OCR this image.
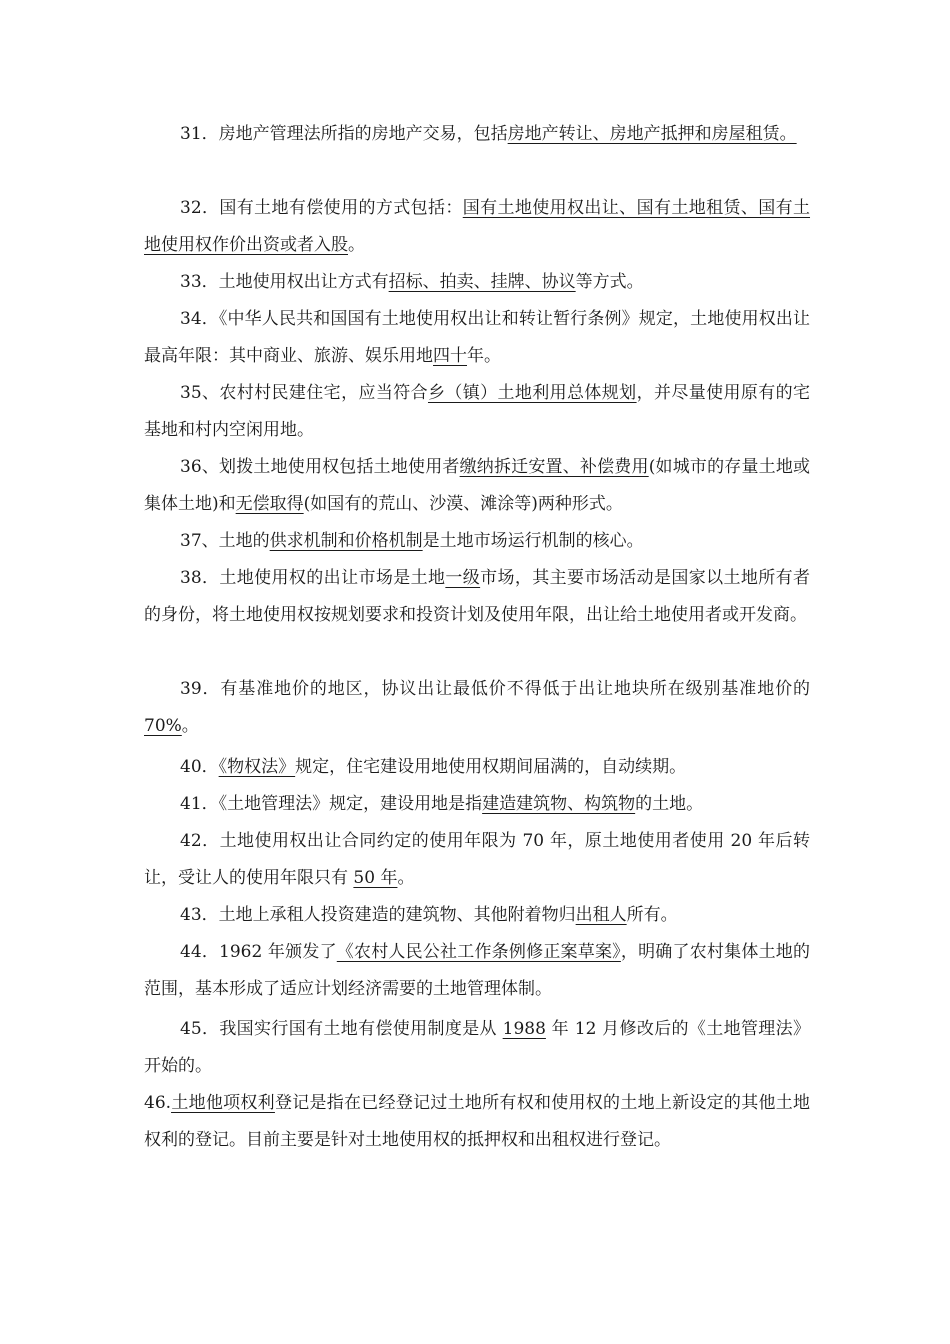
31．房地产管理法所指的房地产交易，包括房地产转让、房地产抵押和房屋租赁。

32．国有土地有偿使用的方式包括：国有土地使用权出让、国有土地租赁、国有土地使用权作价出资或者入股。

33．土地使用权出让方式有招标、拍卖、挂牌、协议等方式。

34．《中华人民共和国国有土地使用权出让和转让暂行条例》规定，土地使用权出让最高年限：其中商业、旅游、娱乐用地四十年。

35、农村村民建住宅，应当符合乡（镇）土地利用总体规划，并尽量使用原有的宅基地和村内空闲用地。

36、划拨土地使用权包括土地使用者缴纳拆迁安置、补偿费用(如城市的存量土地或集体土地)和无偿取得(如国有的荒山、沙漠、滩涂等)两种形式。

37、土地的供求机制和价格机制是土地市场运行机制的核心。

38．土地使用权的出让市场是土地一级市场，其主要市场活动是国家以土地所有者的身份，将土地使用权按规划要求和投资计划及使用年限，出让给土地使用者或开发商。

39．有基准地价的地区，协议出让最低价不得低于出让地块所在级别基准地价的 70%。

40．《物权法》规定，住宅建设用地使用权期间届满的，自动续期。

41．《土地管理法》规定，建设用地是指建造建筑物、构筑物的土地。

42．土地使用权出让合同约定的使用年限为 70 年，原土地使用者使用 20 年后转让，受让人的使用年限只有 50 年。

43．土地上承租人投资建造的建筑物、其他附着物归出租人所有。

44．1962 年颁发了《农村人民公社工作条例修正案草案》，明确了农村集体土地的范围，基本形成了适应计划经济需要的土地管理体制。

45．我国实行国有土地有偿使用制度是从 1988 年 12 月修改后的《土地管理法》 开始的。

46.土地他项权利登记是指在已经登记过土地所有权和使用权的土地上新设定的其他土地权利的登记。目前主要是针对土地使用权的抵押权和出租权进行登记。
